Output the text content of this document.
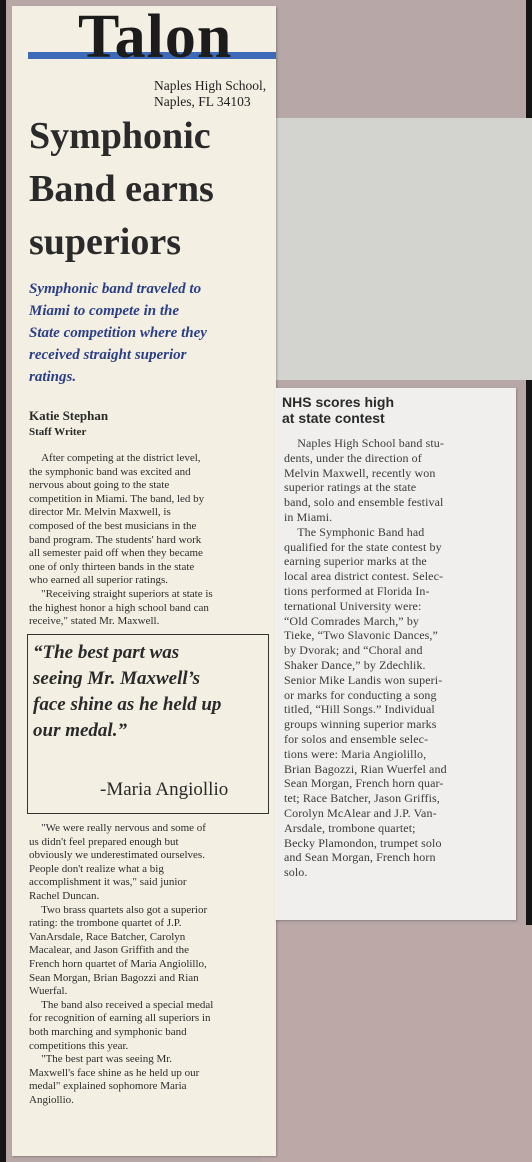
Talon
Naples High School, Naples, FL 34103
Symphonic
Band earns
superiors
Symphonic band traveled to
Miami to compete in the
State competition where they
received straight superior
ratings.
Katie Stephan
Staff Writer
After competing at the district level,
the symphonic band was excited and
nervous about going to the state
competition in Miami. The band, led by
director Mr. Melvin Maxwell, is
composed of the best musicians in the
band program. The students' hard work
all semester paid off when they became
one of only thirteen bands in the state
who earned all superior ratings.
"Receiving straight superiors at state is
the highest honor a high school band can
receive," stated Mr. Maxwell.
“The best part was
seeing Mr. Maxwell’s
face shine as he held up
our medal.”
-Maria Angiollio
"We were really nervous and some of
us didn't feel prepared enough but
obviously we underestimated ourselves.
People don't realize what a big
accomplishment it was," said junior
Rachel Duncan.
Two brass quartets also got a superior
rating: the trombone quartet of J.P.
VanArsdale, Race Batcher, Carolyn
Macalear, and Jason Griffith and the
French horn quartet of Maria Angiolillo,
Sean Morgan, Brian Bagozzi and Rian
Wuerfal.
The band also received a special medal
for recognition of earning all superiors in
both marching and symphonic band
competitions this year.
"The best part was seeing Mr.
Maxwell's face shine as he held up our
medal" explained sophomore Maria
Angiollio.
NHS scores high
at state contest
Naples High School band stu-
dents, under the direction of
Melvin Maxwell, recently won
superior ratings at the state
band, solo and ensemble festival
in Miami.
The Symphonic Band had
qualified for the state contest by
earning superior marks at the
local area district contest. Selec-
tions performed at Florida In-
ternational University were:
“Old Comrades March,” by
Tieke, “Two Slavonic Dances,”
by Dvorak; and “Choral and
Shaker Dance,” by Zdechlik.
Senior Mike Landis won superi-
or marks for conducting a song
titled, “Hill Songs.” Individual
groups winning superior marks
for solos and ensemble selec-
tions were: Maria Angiolillo,
Brian Bagozzi, Rian Wuerfel and
Sean Morgan, French horn quar-
tet; Race Batcher, Jason Griffis,
Corolyn McAlear and J.P. Van-
Arsdale, trombone quartet;
Becky Plamondon, trumpet solo
and Sean Morgan, French horn
solo.
